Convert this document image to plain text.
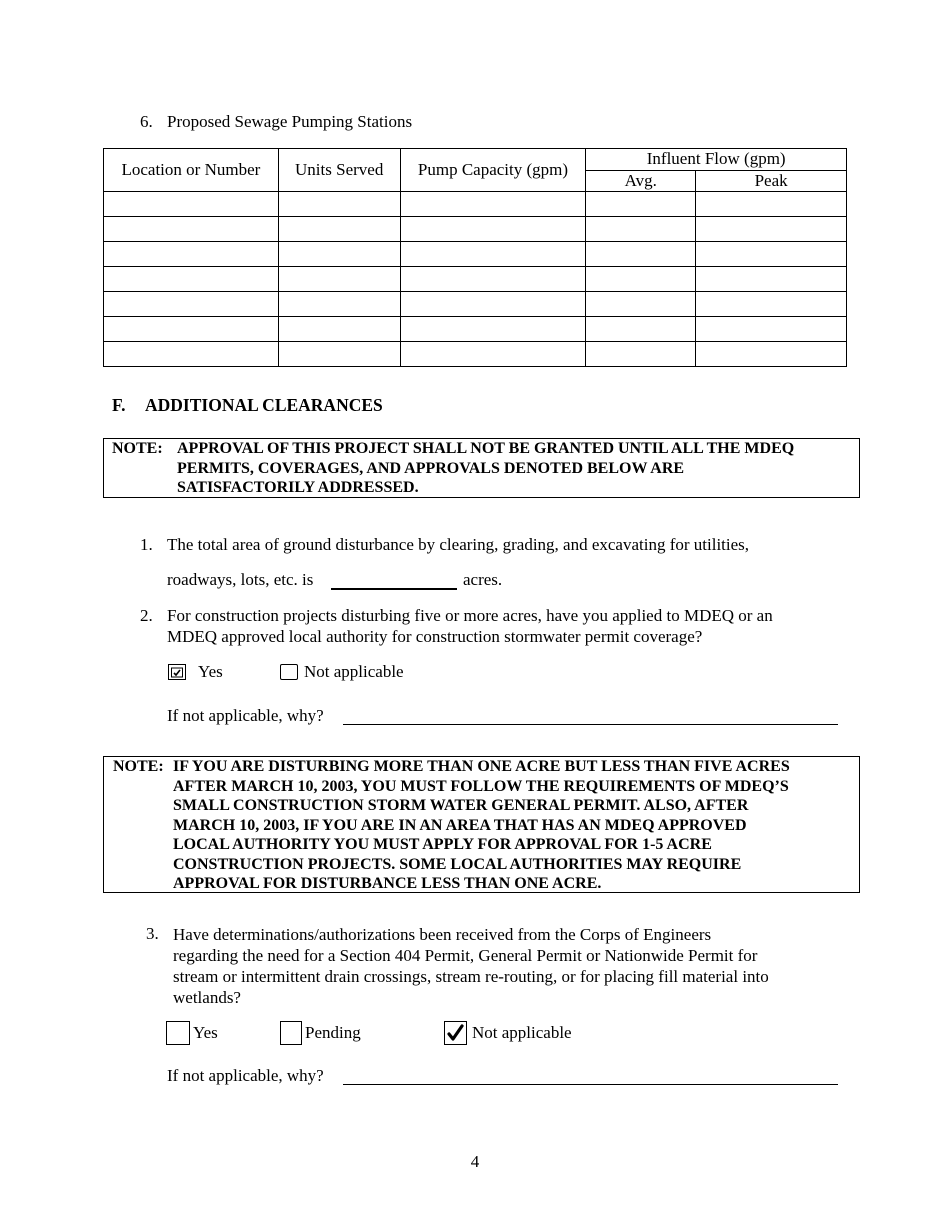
6. Proposed Sewage Pumping Stations
Location or Number	Units Served	Pump Capacity (gpm)	Influent Flow (gpm)	
			Avg.	Peak

F. ADDITIONAL CLEARANCES
NOTE: APPROVAL OF THIS PROJECT SHALL NOT BE GRANTED UNTIL ALL THE MDEQ
PERMITS, COVERAGES, AND APPROVALS DENOTED BELOW ARE
SATISFACTORILY ADDRESSED.
1. The total area of ground disturbance by clearing, grading, and excavating for utilities,
roadways, lots, etc. is	acres.
2. For construction projects disturbing five or more acres, have you applied to MDEQ or an
MDEQ approved local authority for construction stormwater permit coverage?
Yes	Not applicable
If not applicable, why?
NOTE: IF YOU ARE DISTURBING MORE THAN ONE ACRE BUT LESS THAN FIVE ACRES
AFTER MARCH 10, 2003, YOU MUST FOLLOW THE REQUIREMENTS OF MDEQ’S
SMALL CONSTRUCTION STORM WATER GENERAL PERMIT. ALSO, AFTER
MARCH 10, 2003, IF YOU ARE IN AN AREA THAT HAS AN MDEQ APPROVED
LOCAL AUTHORITY YOU MUST APPLY FOR APPROVAL FOR 1-5 ACRE
CONSTRUCTION PROJECTS. SOME LOCAL AUTHORITIES MAY REQUIRE
APPROVAL FOR DISTURBANCE LESS THAN ONE ACRE.
3. Have determinations/authorizations been received from the Corps of Engineers
regarding the need for a Section 404 Permit, General Permit or Nationwide Permit for
stream or intermittent drain crossings, stream re-routing, or for placing fill material into
wetlands?
Yes	Pending	Not applicable
If not applicable, why?
4
